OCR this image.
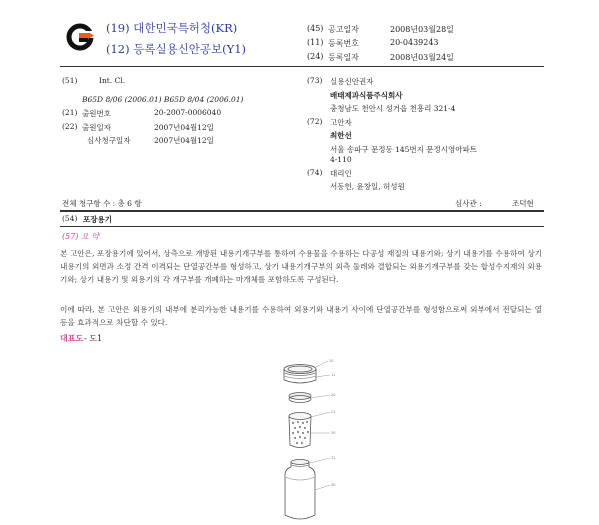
(19) 대한민국특허청(KR)
(12) 등록실용신안공보(Y1)
(45) 공고일자	2008년03월28일
(11) 등록번호	20-0439243
(24) 등록일자	2008년03월24일
(51)	Int. Cl.
B65D 8/06 (2006.01) B65D 8/04 (2006.01)
(21) 출원번호	20-2007-0006040
(22) 출원일자	2007년04월12일
심사청구일자	2007년04월12일
(73) 실용신안권자
배태제과식품주식회사
충청남도 천안시 성거읍 천흥리 321-4
(72) 고안자
최한선
서울 송파구 문정동 145번지 문정시영아파트
4-110
(74) 대리인
서동헌, 윤창일, 허성원
전체 청구항 수 : 총 6 항	심사관 :	조덕현
(54) 포장용기
(57) 요 약
본 고안은, 포장용기에 있어서, 상측으로 개방된 내용기개구부를 통하여 수용물을 수용하는 다공성 재질의 내용기와; 상기 내용기를 수용하여 상기 내용기의 외면과 소정 간격 이격되는 단열공간부를 형성하고, 상기 내용기개구부의 외측 둘레와 결합되는 외용기개구부를 갖는 합성수지재의 외용기와; 상기 내용기 및 외용기의 각 개구부를 개폐하는 마개체를 포함하도록 구성된다.
이에 따라, 본 고안은 외용기의 내부에 분리가능한 내용기를 수용하여 외용기와 내용기 사이에 단열공간부를 형성함으로써 외부에서 전달되는 열 등을 효과적으로 차단할 수 있다.
대표도 - 도1
10
11
20
21
30
31
40
